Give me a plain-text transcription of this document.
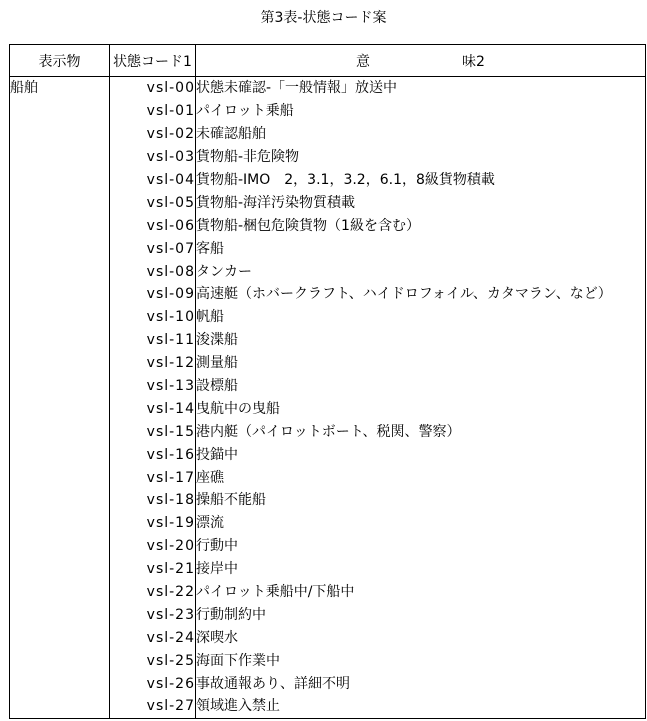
第3表-状態コード案
表示物	状態コード1	意 味2
船舶	vsl-00	状態未確認-「一般情報」放送中
	vsl-01	パイロット乗船
	vsl-02	未確認船舶
	vsl-03	貨物船-非危険物
	vsl-04	貨物船-IMO　2，3.1，3.2，6.1，8級貨物積載
	vsl-05	貨物船-海洋汚染物質積載
	vsl-06	貨物船-梱包危険貨物（1級を含む）
	vsl-07	客船
	vsl-08	タンカー
	vsl-09	高速艇（ホバークラフト、ハイドロフォイル、カタマラン、など）
	vsl-10	帆船
	vsl-11	浚渫船
	vsl-12	測量船
	vsl-13	設標船
	vsl-14	曳航中の曳船
	vsl-15	港内艇（パイロットボート、税関、警察）
	vsl-16	投錨中
	vsl-17	座礁
	vsl-18	操船不能船
	vsl-19	漂流
	vsl-20	行動中
	vsl-21	接岸中
	vsl-22	パイロット乗船中/下船中
	vsl-23	行動制約中
	vsl-24	深喫水
	vsl-25	海面下作業中
	vsl-26	事故通報あり、詳細不明
	vsl-27	領域進入禁止
